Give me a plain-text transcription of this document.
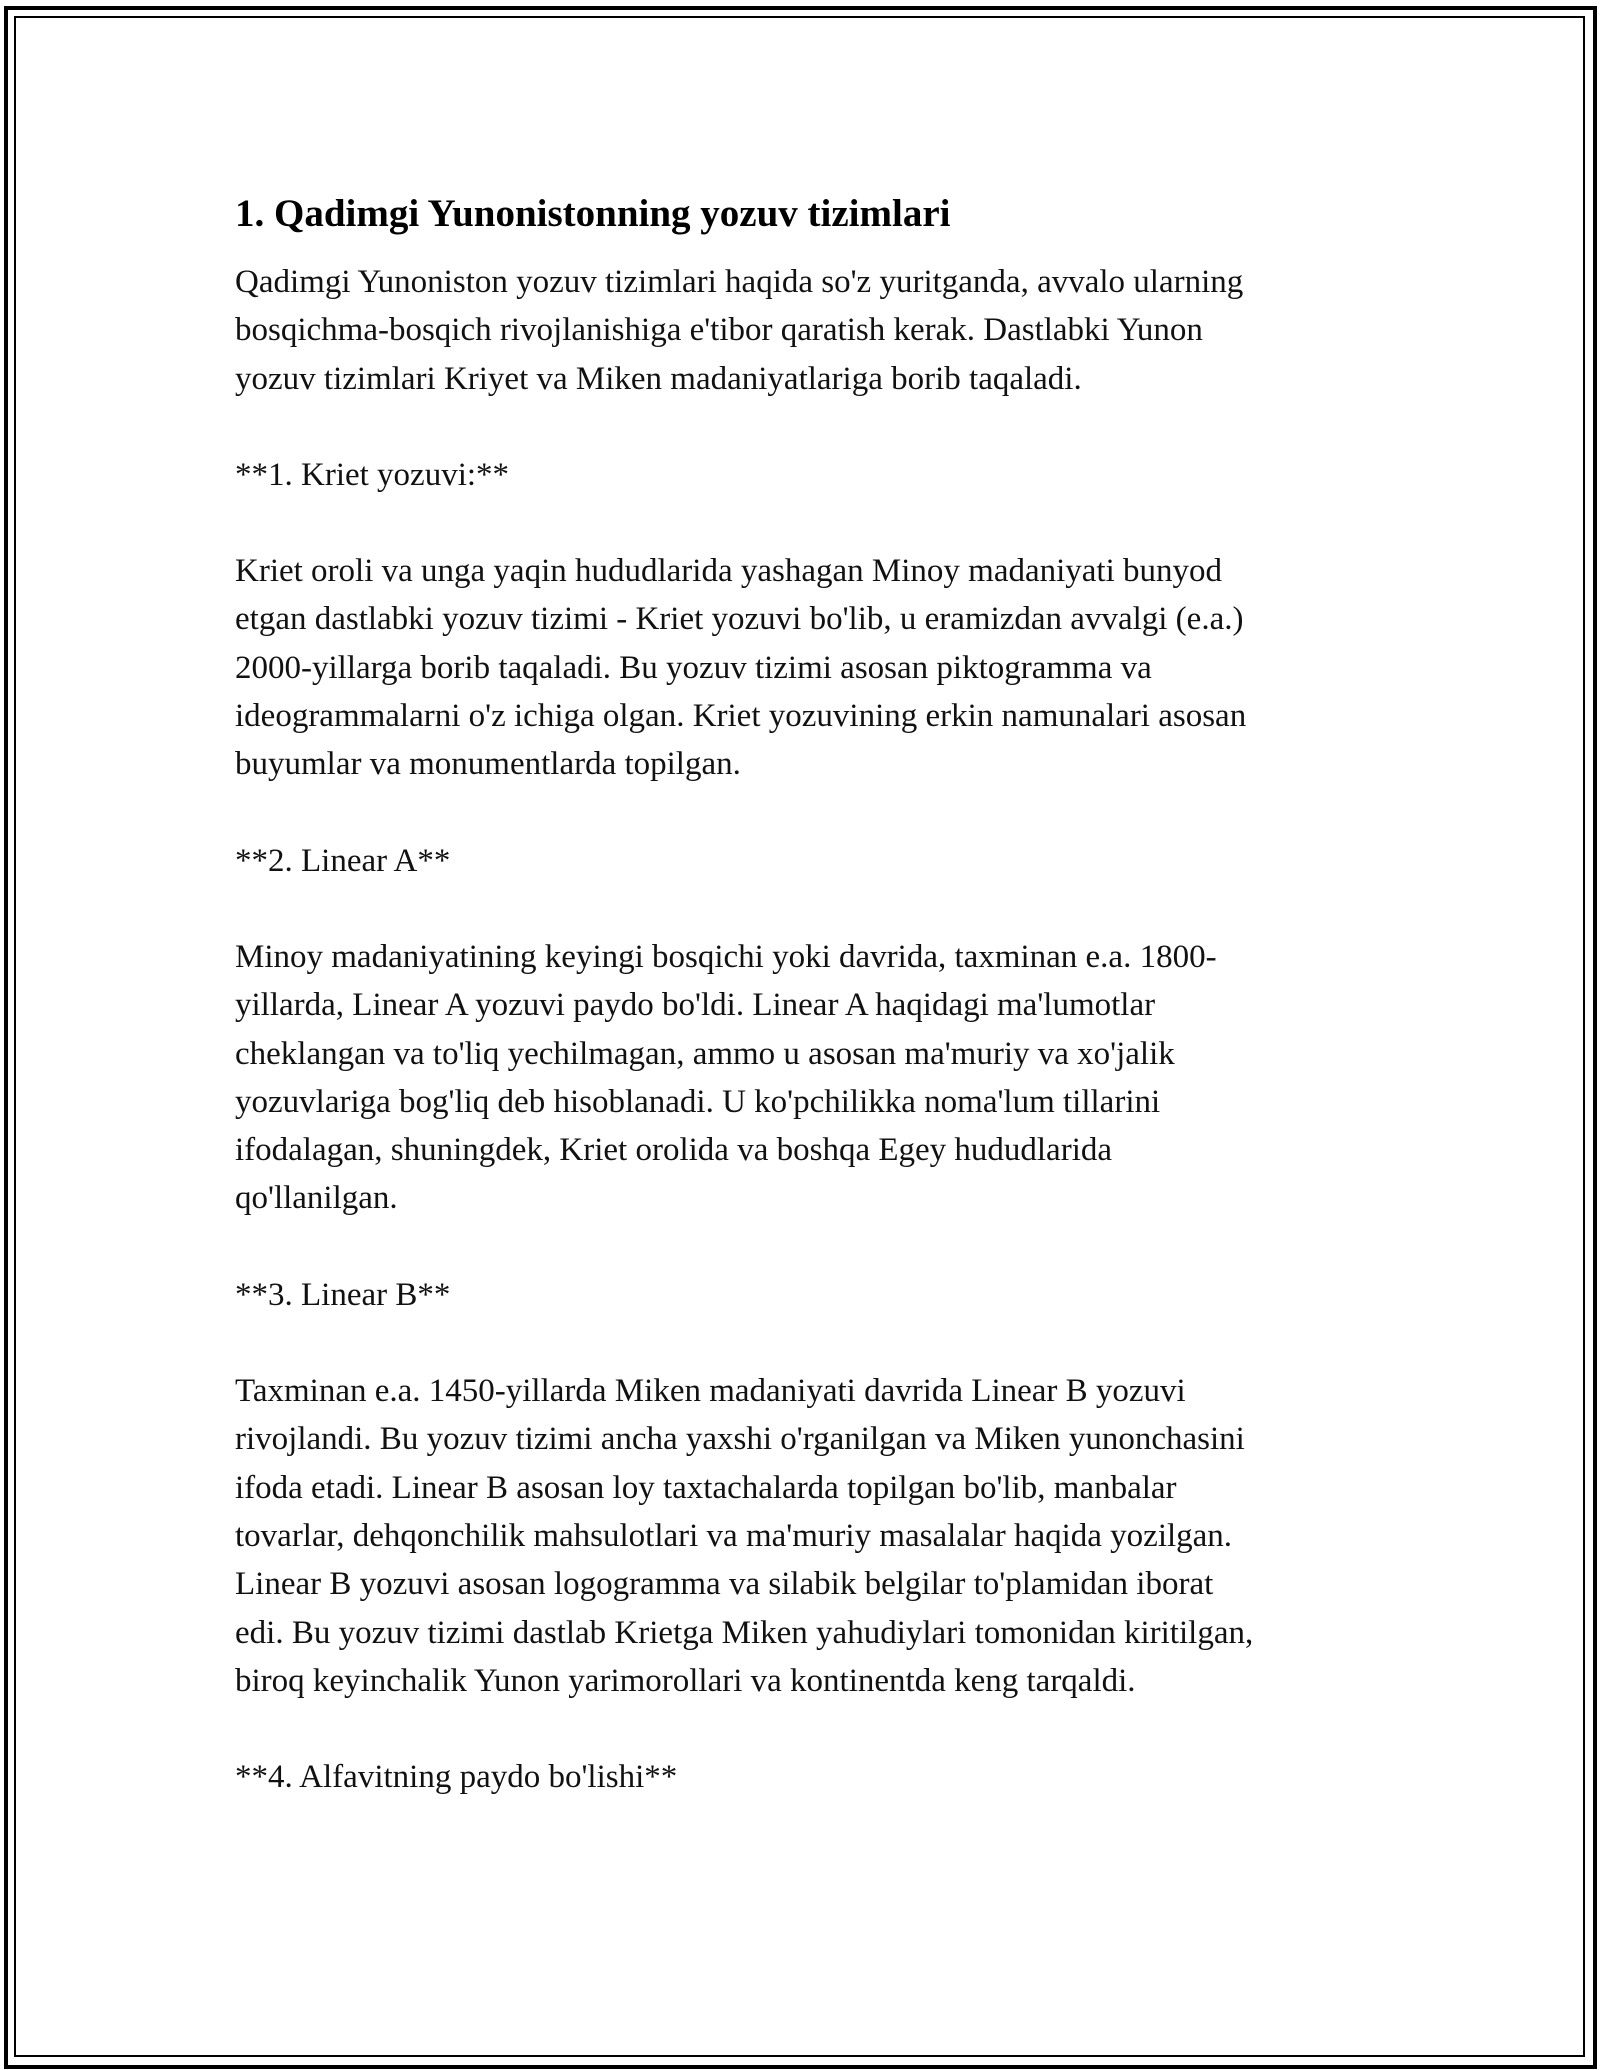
1. Qadimgi Yunonistonning yozuv tizimlari

Qadimgi Yunoniston yozuv tizimlari haqida so'z yuritganda, avvalo ularning
bosqichma-bosqich rivojlanishiga e'tibor qaratish kerak. Dastlabki Yunon
yozuv tizimlari Kriyet va Miken madaniyatlariga borib taqaladi.

**1. Kriet yozuvi:**

Kriet oroli va unga yaqin hududlarida yashagan Minoy madaniyati bunyod
etgan dastlabki yozuv tizimi - Kriet yozuvi bo'lib, u eramizdan avvalgi (e.a.)
2000-yillarga borib taqaladi. Bu yozuv tizimi asosan piktogramma va
ideogrammalarni o'z ichiga olgan. Kriet yozuvining erkin namunalari asosan
buyumlar va monumentlarda topilgan.

**2. Linear A**

Minoy madaniyatining keyingi bosqichi yoki davrida, taxminan e.a. 1800-
yillarda, Linear A yozuvi paydo bo'ldi. Linear A haqidagi ma'lumotlar
cheklangan va to'liq yechilmagan, ammo u asosan ma'muriy va xo'jalik
yozuvlariga bog'liq deb hisoblanadi. U ko'pchilikka noma'lum tillarini
ifodalagan, shuningdek, Kriet orolida va boshqa Egey hududlarida
qo'llanilgan.

**3. Linear B**

Taxminan e.a. 1450-yillarda Miken madaniyati davrida Linear B yozuvi
rivojlandi. Bu yozuv tizimi ancha yaxshi o'rganilgan va Miken yunonchasini
ifoda etadi. Linear B asosan loy taxtachalarda topilgan bo'lib, manbalar
tovarlar, dehqonchilik mahsulotlari va ma'muriy masalalar haqida yozilgan.
Linear B yozuvi asosan logogramma va silabik belgilar to'plamidan iborat
edi. Bu yozuv tizimi dastlab Krietga Miken yahudiylari tomonidan kiritilgan,
biroq keyinchalik Yunon yarimorollari va kontinentda keng tarqaldi.

**4. Alfavitning paydo bo'lishi**
